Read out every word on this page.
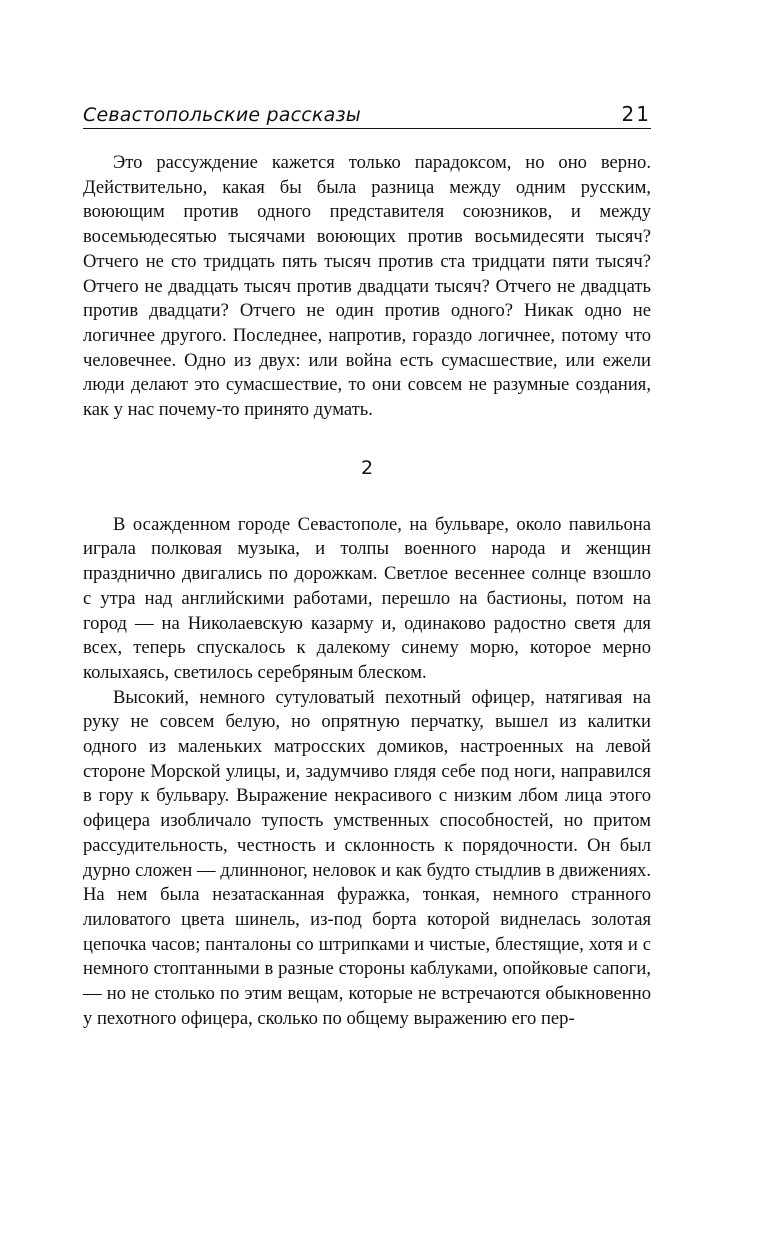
Севастопольские рассказы	21

Это рассуждение кажется только парадоксом, но оно верно. Действительно, какая бы была разница между одним русским, воюющим против одного представителя союзников, и между восемьюдесятью тысячами воюющих против восьмидесяти тысяч? Отчего не сто тридцать пять тысяч против ста тридцати пяти тысяч? Отчего не двадцать тысяч против двадцати тысяч? Отчего не двадцать против двадцати? Отчего не один против одного? Никак одно не логичнее другого. Последнее, напротив, гораздо логичнее, потому что человечнее. Одно из двух: или война есть сумасшествие, или ежели люди делают это сумасшествие, то они совсем не разумные создания, как у нас почему-то принято думать.

2

В осажденном городе Севастополе, на бульваре, около павильона играла полковая музыка, и толпы военного народа и женщин празднично двигались по дорожкам. Светлое весеннее солнце взошло с утра над английскими работами, перешло на бастионы, потом на город — на Николаевскую казарму и, одинаково радостно светя для всех, теперь спускалось к далекому синему морю, которое мерно колыхаясь, светилось серебряным блеском.

Высокий, немного сутуловатый пехотный офицер, натягивая на руку не совсем белую, но опрятную перчатку, вышел из калитки одного из маленьких матросских домиков, настроенных на левой стороне Морской улицы, и, задумчиво глядя себе под ноги, направился в гору к бульвару. Выражение некрасивого с низким лбом лица этого офицера изобличало тупость умственных способностей, но притом рассудительность, честность и склонность к порядочности. Он был дурно сложен — длинноног, неловок и как будто стыдлив в движениях. На нем была незатасканная фуражка, тонкая, немного странного лиловатого цвета шинель, из-под борта которой виднелась золотая цепочка часов; панталоны со штрипками и чистые, блестящие, хотя и с немного стоптанными в разные стороны каблуками, опойковые сапоги, — но не столько по этим вещам, которые не встречаются обыкновенно у пехотного офицера, сколько по общему выражению его пер-
